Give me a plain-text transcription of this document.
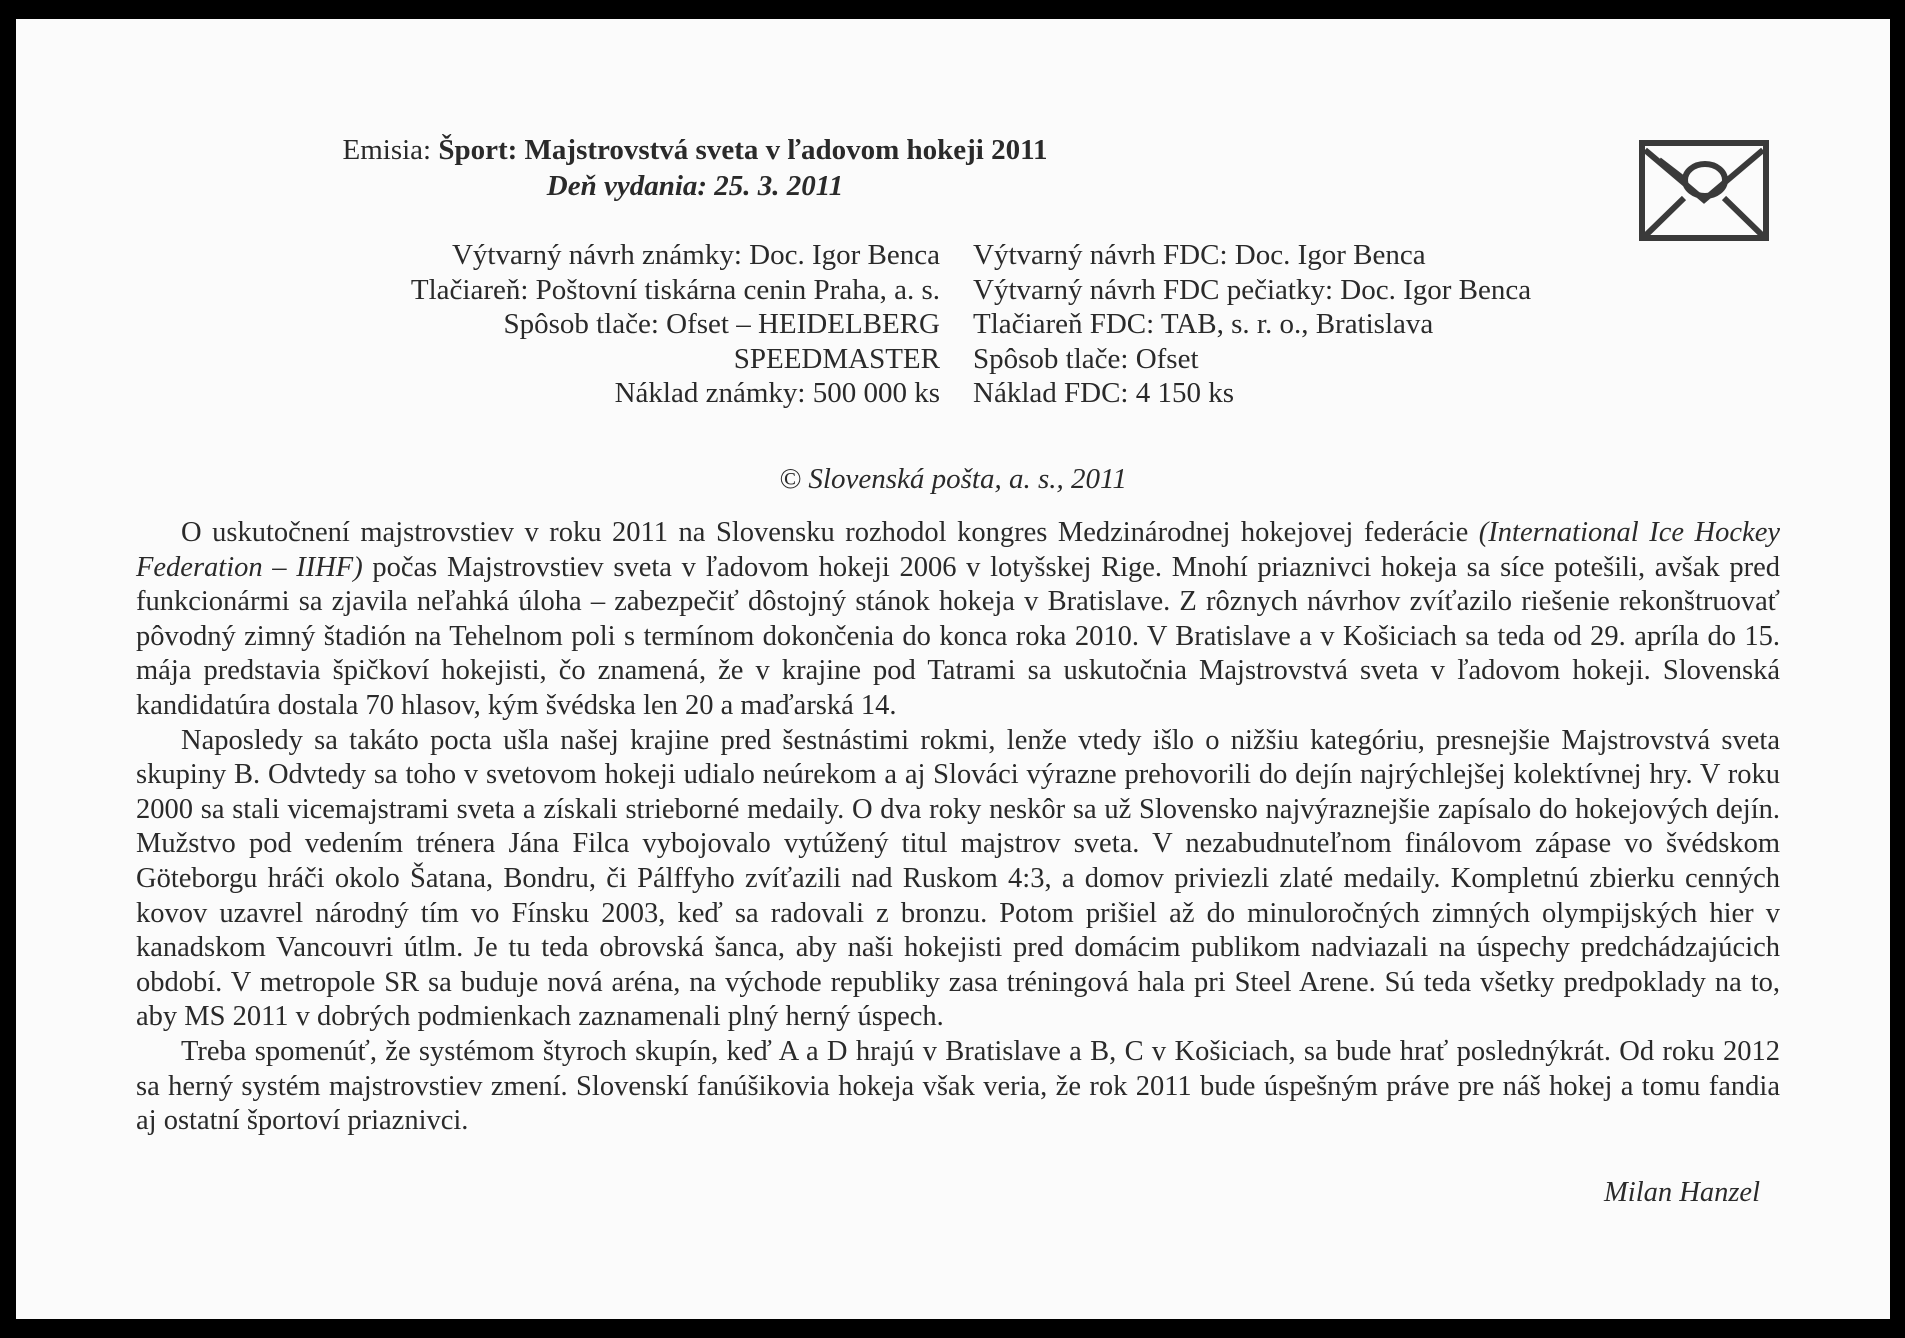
Emisia: Šport: Majstrovstvá sveta v ľadovom hokeji 2011
Deň vydania: 25. 3. 2011
Výtvarný návrh známky: Doc. Igor Benca
Tlačiareň: Poštovní tiskárna cenin Praha, a. s.
Spôsob tlače: Ofset – HEIDELBERG
SPEEDMASTER
Náklad známky: 500 000 ks
Výtvarný návrh FDC: Doc. Igor Benca
Výtvarný návrh FDC pečiatky: Doc. Igor Benca
Tlačiareň FDC: TAB, s. r. o., Bratislava
Spôsob tlače: Ofset
Náklad FDC: 4 150 ks
© Slovenská pošta, a. s., 2011

O uskutočnení majstrovstiev v roku 2011 na Slovensku rozhodol kongres Medzinárodnej hokejovej federácie (International Ice Hockey Federation – IIHF) počas Majstrovstiev sveta v ľadovom hokeji 2006 v lotyšskej Rige. Mnohí priaznivci hokeja sa síce potešili, avšak pred funkcionármi sa zjavila neľahká úloha – zabezpečiť dôstojný stánok hokeja v Bratislave. Z rôznych návrhov zvíťazilo riešenie rekonštruovať pôvodný zimný štadión na Tehelnom poli s termínom dokončenia do konca roka 2010. V Bratislave a v Košiciach sa teda od 29. apríla do 15. mája predstavia špičkoví hokejisti, čo znamená, že v krajine pod Tatrami sa uskutočnia Majstrovstvá sveta v ľadovom hokeji. Slovenská kandidatúra dostala 70 hlasov, kým švédska len 20 a maďarská 14.

Naposledy sa takáto pocta ušla našej krajine pred šestnástimi rokmi, lenže vtedy išlo o nižšiu kategóriu, presnejšie Majstrovstvá sveta skupiny B. Odvtedy sa toho v svetovom hokeji udialo neúrekom a aj Slováci výrazne prehovorili do dejín najrýchlejšej kolektívnej hry. V roku 2000 sa stali vicemajstrami sveta a získali strieborné medaily. O dva roky neskôr sa už Slovensko najvýraznejšie zapísalo do hokejových dejín. Mužstvo pod vedením trénera Jána Filca vybojovalo vytúžený titul majstrov sveta. V nezabudnuteľnom finálovom zápase vo švédskom Göteborgu hráči okolo Šatana, Bondru, či Pálffyho zvíťazili nad Ruskom 4:3, a domov priviezli zlaté medaily. Kompletnú zbierku cenných kovov uzavrel národný tím vo Fínsku 2003, keď sa radovali z bronzu. Potom prišiel až do minuloročných zimných olympijských hier v kanadskom Vancouvri útlm. Je tu teda obrovská šanca, aby naši hokejisti pred domácim publikom nadviazali na úspechy predchádzajúcich období. V metropole SR sa buduje nová aréna, na východe republiky zasa tréningová hala pri Steel Arene. Sú teda všetky predpoklady na to, aby MS 2011 v dobrých podmienkach zaznamenali plný herný úspech.

Treba spomenúť, že systémom štyroch skupín, keď A a D hrajú v Bratislave a B, C v Košiciach, sa bude hrať poslednýkrát. Od roku 2012 sa herný systém majstrovstiev zmení. Slovenskí fanúšikovia hokeja však veria, že rok 2011 bude úspešným práve pre náš hokej a tomu fandia aj ostatní športoví priaznivci.

Milan Hanzel
